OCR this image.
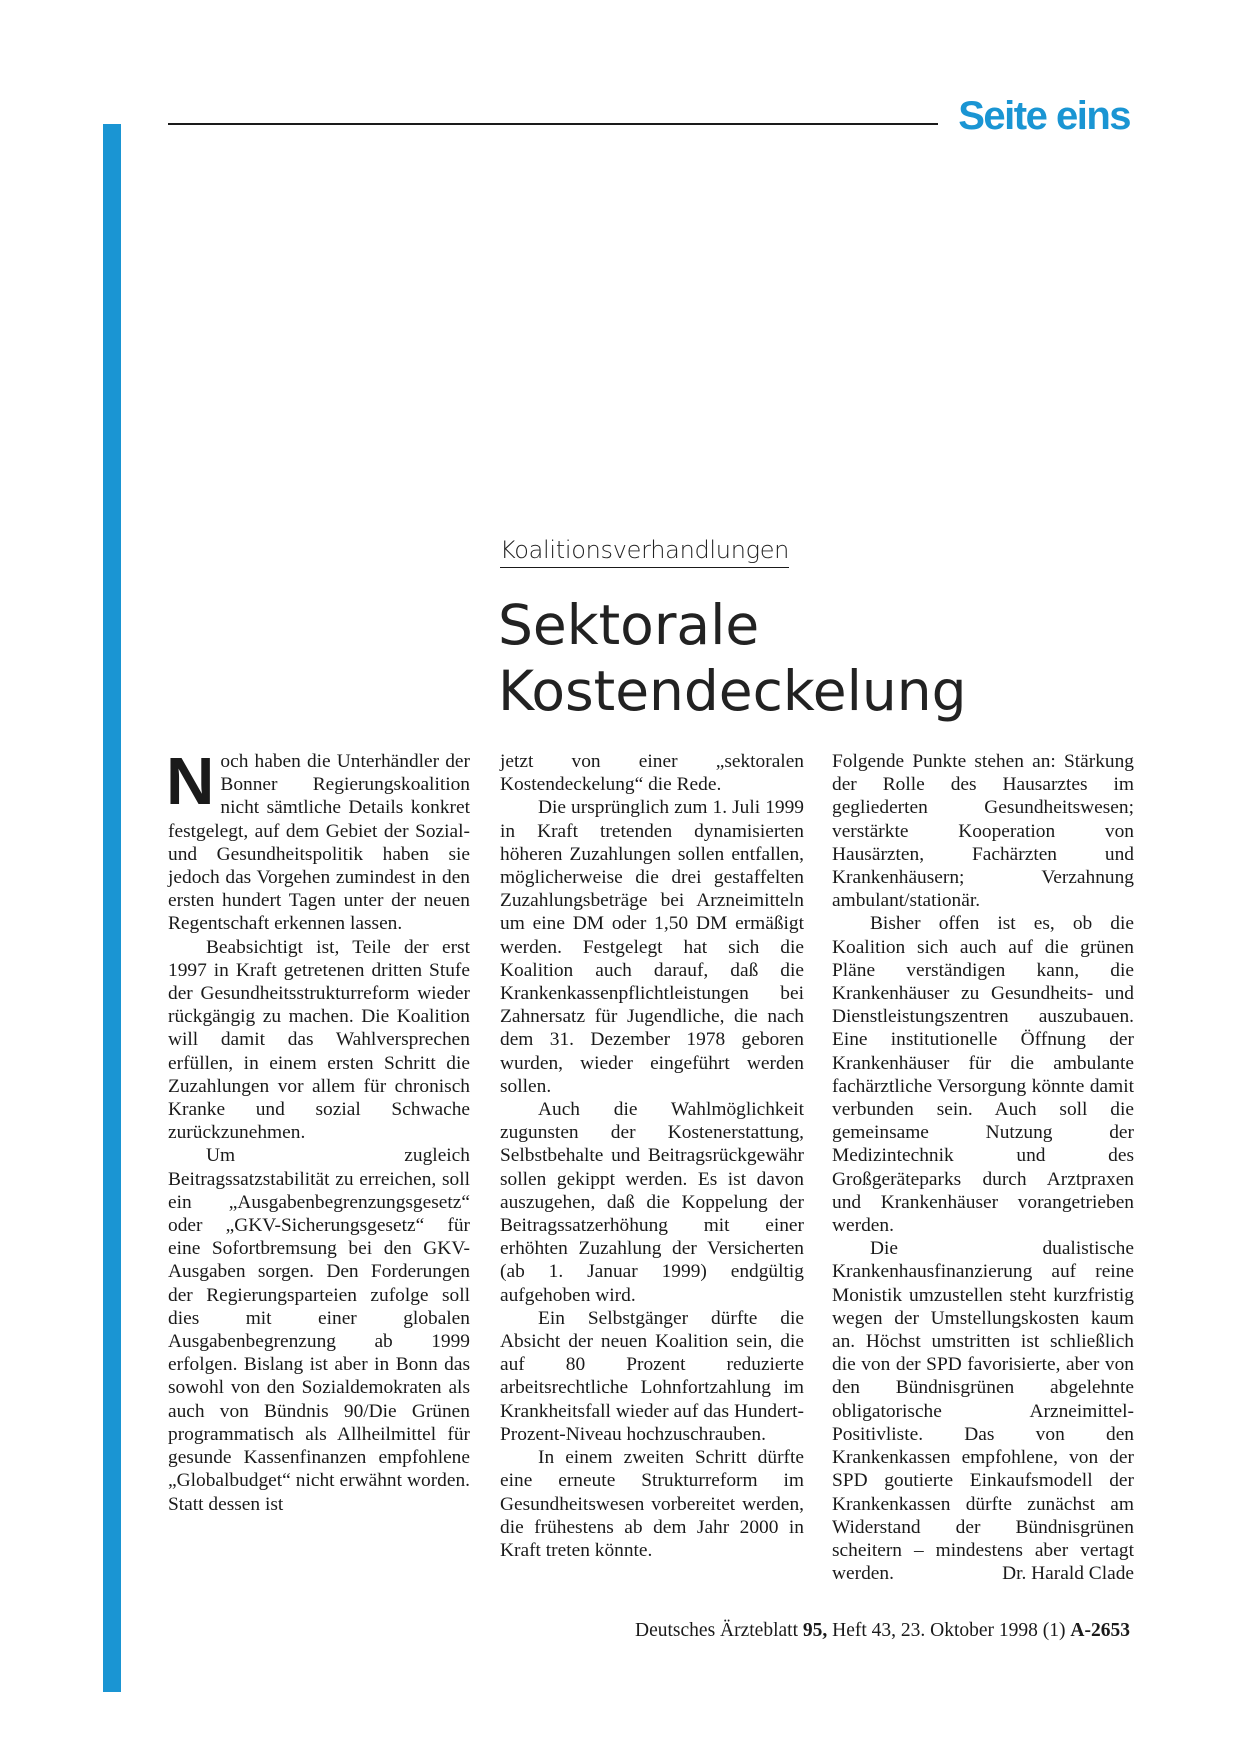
Seite eins
Koalitionsverhandlungen
Sektorale
Kostendeckelung

Noch haben die Unterhändler der Bonner Regierungskoalition nicht sämtliche Details konkret festgelegt, auf dem Gebiet der Sozial- und Gesundheitspolitik haben sie jedoch das Vorgehen zumindest in den ersten hundert Tagen unter der neuen Regentschaft erkennen lassen.

Beabsichtigt ist, Teile der erst 1997 in Kraft getretenen dritten Stufe der Gesundheitsstrukturreform wieder rückgängig zu machen. Die Koalition will damit das Wahlversprechen erfüllen, in einem ersten Schritt die Zuzahlungen vor allem für chronisch Kranke und sozial Schwache zurückzunehmen.

Um zugleich Beitragssatzstabilität zu erreichen, soll ein „Ausgabenbegrenzungsgesetz“ oder „GKV-Sicherungsgesetz“ für eine Sofortbremsung bei den GKV-Ausgaben sorgen. Den Forderungen der Regierungsparteien zufolge soll dies mit einer globalen Ausgabenbegrenzung ab 1999 erfolgen. Bislang ist aber in Bonn das sowohl von den Sozialdemokraten als auch von Bündnis 90/Die Grünen programmatisch als Allheilmittel für gesunde Kassenfinanzen empfohlene „Globalbudget“ nicht erwähnt worden. Statt dessen ist

jetzt von einer „sektoralen Kostendeckelung“ die Rede.

Die ursprünglich zum 1. Juli 1999 in Kraft tretenden dynamisierten höheren Zuzahlungen sollen entfallen, möglicherweise die drei gestaffelten Zuzahlungsbeträge bei Arzneimitteln um eine DM oder 1,50 DM ermäßigt werden. Festgelegt hat sich die Koalition auch darauf, daß die Krankenkassenpflichtleistungen bei Zahnersatz für Jugendliche, die nach dem 31. Dezember 1978 geboren wurden, wieder eingeführt werden sollen.

Auch die Wahlmöglichkeit zugunsten der Kostenerstattung, Selbstbehalte und Beitragsrückgewähr sollen gekippt werden. Es ist davon auszugehen, daß die Koppelung der Beitragssatzerhöhung mit einer erhöhten Zuzahlung der Versicherten (ab 1. Januar 1999) endgültig aufgehoben wird.

Ein Selbstgänger dürfte die Absicht der neuen Koalition sein, die auf 80 Prozent reduzierte arbeitsrechtliche Lohnfortzahlung im Krankheitsfall wieder auf das Hundert-Prozent-Niveau hochzuschrauben.

In einem zweiten Schritt dürfte eine erneute Strukturreform im Gesundheitswesen vorbereitet werden, die frühestens ab dem Jahr 2000 in Kraft treten könnte.

Folgende Punkte stehen an: Stärkung der Rolle des Hausarztes im gegliederten Gesundheitswesen; verstärkte Kooperation von Hausärzten, Fachärzten und Krankenhäusern; Verzahnung ambulant/stationär.

Bisher offen ist es, ob die Koalition sich auch auf die grünen Pläne verständigen kann, die Krankenhäuser zu Gesundheits- und Dienstleistungszentren auszubauen. Eine institutionelle Öffnung der Krankenhäuser für die ambulante fachärztliche Versorgung könnte damit verbunden sein. Auch soll die gemeinsame Nutzung der Medizintechnik und des Großgeräteparks durch Arztpraxen und Krankenhäuser vorangetrieben werden.

Die dualistische Krankenhausfinanzierung auf reine Monistik umzustellen steht kurzfristig wegen der Umstellungskosten kaum an. Höchst umstritten ist schließlich die von der SPD favorisierte, aber von den Bündnisgrünen abgelehnte obligatorische Arzneimittel-Positivliste. Das von den Krankenkassen empfohlene, von der SPD goutierte Einkaufsmodell der Krankenkassen dürfte zunächst am Widerstand der Bündnisgrünen scheitern – mindestens aber vertagt werden.	Dr. Harald Clade

Deutsches Ärzteblatt 95, Heft 43, 23. Oktober 1998 (1) A-2653
